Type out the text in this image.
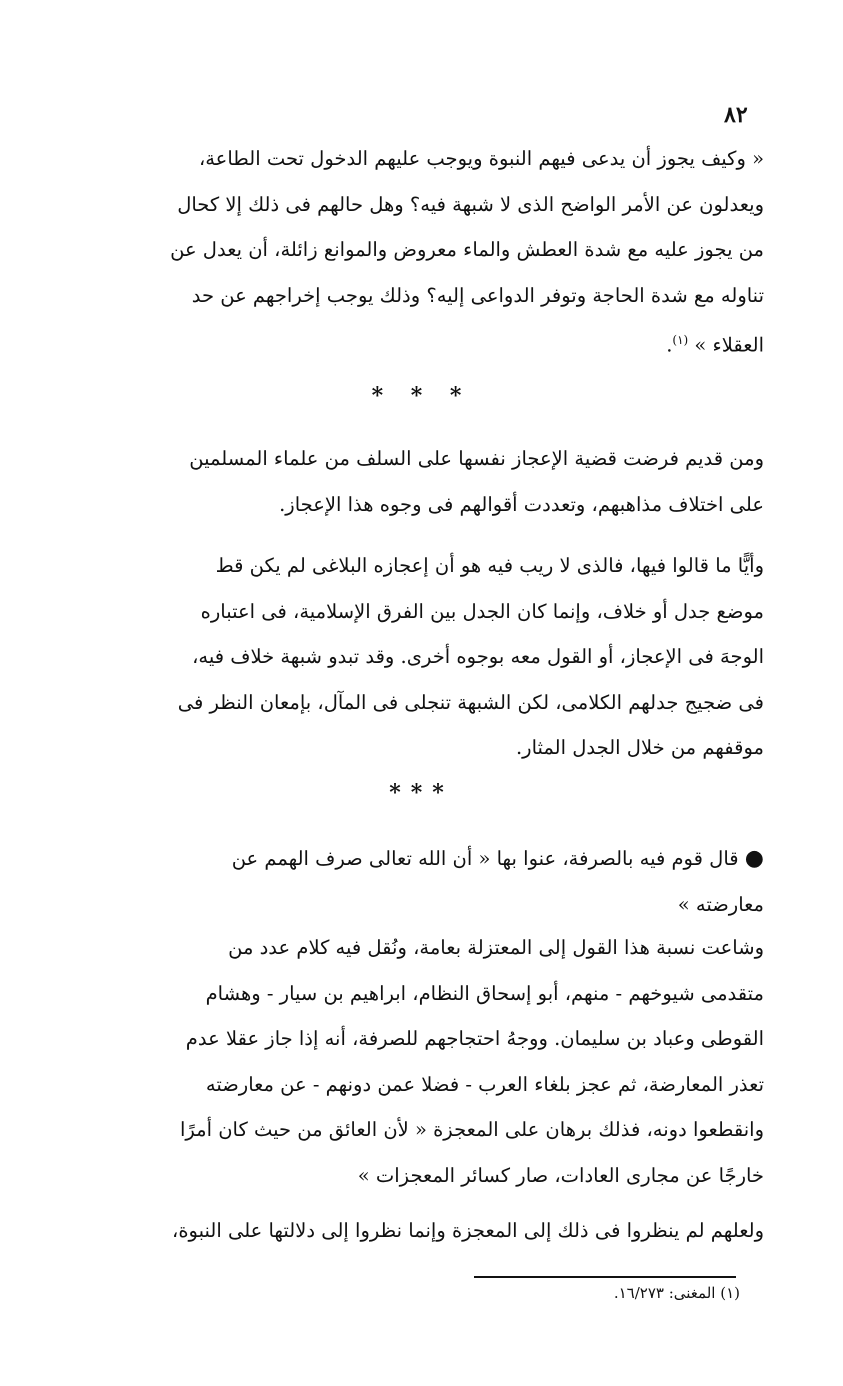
٨٢
« وكيف يجوز أن يدعى فيهم النبوة ويوجب عليهم الدخول تحت الطاعة،
ويعدلون عن الأمر الواضح الذى لا شبهة فيه؟ وهل حالهم فى ذلك إلا كحال
من يجوز عليه مع شدة العطش والماء معروض والموانع زائلة، أن يعدل عن
تناوله مع شدة الحاجة وتوفر الدواعى إليه؟ وذلك يوجب إخراجهم عن حد
العقلاء » $^{(١)}$.
* * *
ومن قديم فرضت قضية الإعجاز نفسها على السلف من علماء المسلمين
على اختلاف مذاهبهم، وتعددت أقوالهم فى وجوه هذا الإعجاز.
وأيًّا ما قالوا فيها، فالذى لا ريب فيه هو أن إعجازه البلاغى لم يكن قط
موضع جدل أو خلاف، وإنما كان الجدل بين الفرق الإسلامية، فى اعتباره
الوجهَ فى الإعجاز، أو القول معه بوجوه أخرى. وقد تبدو شبهة خلاف فيه،
فى ضجيج جدلهم الكلامى، لكن الشبهة تنجلى فى المآل، بإمعان النظر فى
موقفهم من خلال الجدل المثار.
***
● قال قوم فيه بالصرفة، عنوا بها « أن الله تعالى صرف الهمم عن
معارضته »
وشاعت نسبة هذا القول إلى المعتزلة بعامة، ونُقل فيه كلام عدد من
متقدمى شيوخهم - منهم، أبو إسحاق النظام، ابراهيم بن سيار - وهشام
القوطى وعباد بن سليمان. ووجهُ احتجاجهم للصرفة، أنه إذا جاز عقلا عدم
تعذر المعارضة، ثم عجز بلغاء العرب - فضلا عمن دونهم - عن معارضته
وانقطعوا دونه، فذلك برهان على المعجزة « لأن العائق من حيث كان أمرًا
خارجًا عن مجارى العادات، صار كسائر المعجزات »
ولعلهم لم ينظروا فى ذلك إلى المعجزة وإنما نظروا إلى دلالتها على النبوة،
(١) المغنى: ١٦/٢٧٣.
